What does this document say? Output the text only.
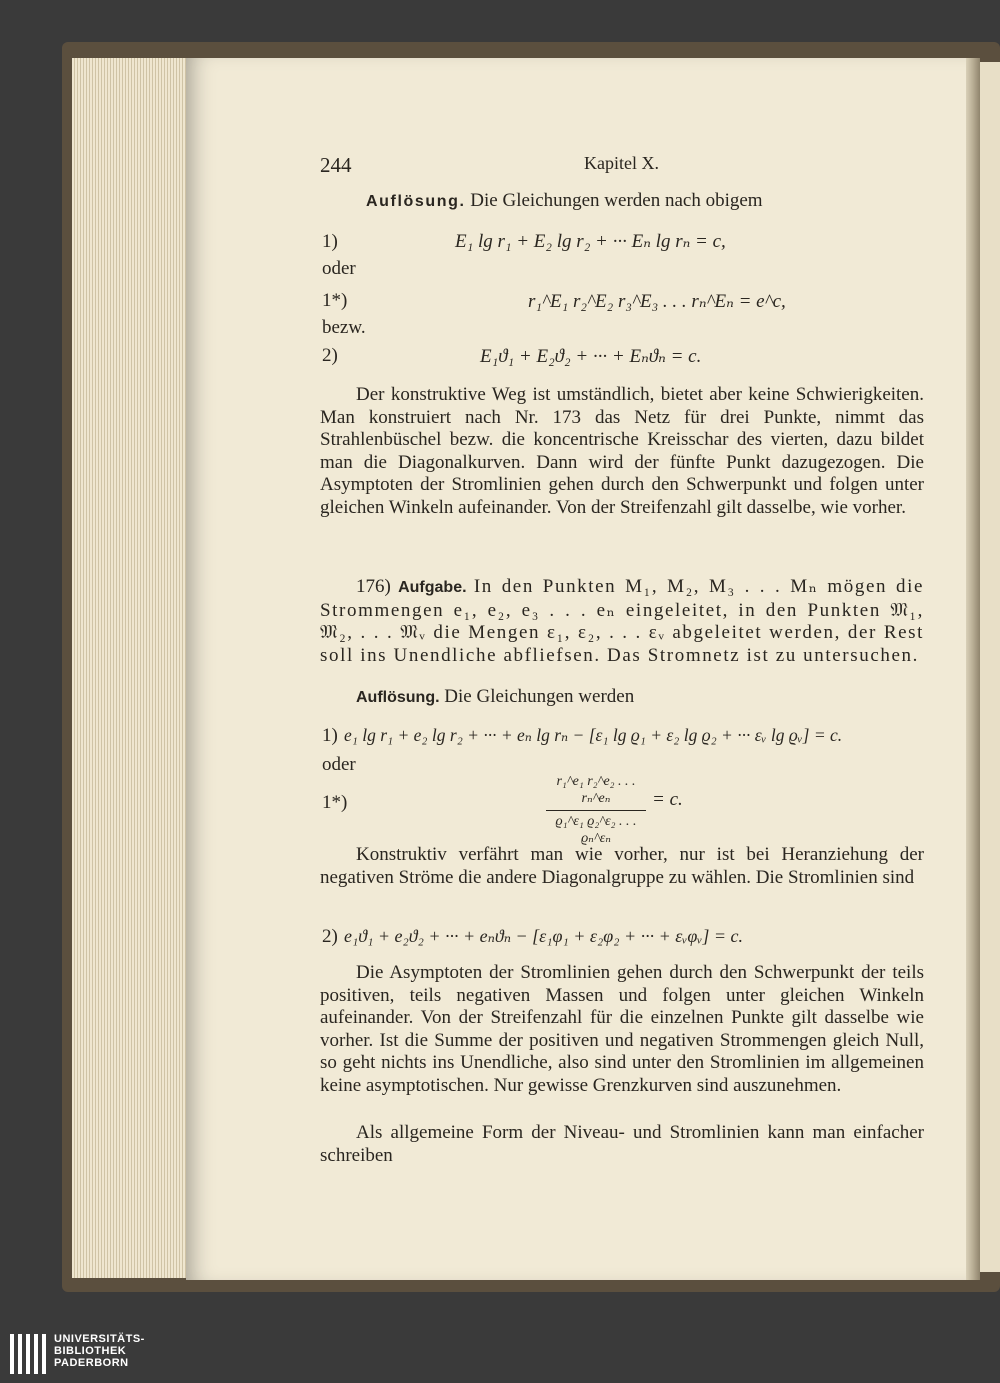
244	Kapitel X.
Auflösung. Die Gleichungen werden nach obigem
1)	E₁ lg r₁ + E₂ lg r₂ + ··· Eₙ lg rₙ = c,
oder
1*)	r₁^E₁ r₂^E₂ r₃^E₃ . . . rₙ^Eₙ = e^c,
bezw.
2)	E₁ϑ₁ + E₂ϑ₂ + ··· + Eₙϑₙ = c.
Der konstruktive Weg ist umständlich, bietet aber keine Schwierigkeiten. Man konstruiert nach Nr. 173 das Netz für drei Punkte, nimmt das Strahlenbüschel bezw. die koncentrische Kreisschar des vierten, dazu bildet man die Diagonalkurven. Dann wird der fünfte Punkt dazugezogen. Die Asymptoten der Stromlinien gehen durch den Schwerpunkt und folgen unter gleichen Winkeln aufeinander. Von der Streifenzahl gilt dasselbe, wie vorher.
176) Aufgabe. In den Punkten M₁, M₂, M₃ . . . Mₙ mögen die Strommengen e₁, e₂, e₃ . . . eₙ eingeleitet, in den Punkten 𝔐₁, 𝔐₂, . . . 𝔐ᵥ die Mengen ε₁, ε₂, . . . εᵥ abgeleitet werden, der Rest soll ins Unendliche abfliefsen. Das Stromnetz ist zu untersuchen.
Auflösung. Die Gleichungen werden
1) e₁ lg r₁ + e₂ lg r₂ + ··· + eₙ lg rₙ − [ε₁ lg ϱ₁ + ε₂ lg ϱ₂ + ··· εᵥ lg ϱᵥ] = c.
oder
1*)
r₁^e₁ r₂^e₂ . . . rₙ^eₙ
ϱ₁^ε₁ ϱ₂^ε₂ . . . ϱₙ^εₙ
= c.
Konstruktiv verfährt man wie vorher, nur ist bei Heranziehung der negativen Ströme die andere Diagonalgruppe zu wählen. Die Stromlinien sind
2) e₁ϑ₁ + e₂ϑ₂ + ··· + eₙϑₙ − [ε₁φ₁ + ε₂φ₂ + ··· + εᵥφᵥ] = c.
Die Asymptoten der Stromlinien gehen durch den Schwerpunkt der teils positiven, teils negativen Massen und folgen unter gleichen Winkeln aufeinander. Von der Streifenzahl für die einzelnen Punkte gilt dasselbe wie vorher. Ist die Summe der positiven und negativen Strommengen gleich Null, so geht nichts ins Unendliche, also sind unter den Stromlinien im allgemeinen keine asymptotischen. Nur gewisse Grenzkurven sind auszunehmen.
Als allgemeine Form der Niveau- und Stromlinien kann man einfacher schreiben
UNIVERSITÄTS-
BIBLIOTHEK
PADERBORN
